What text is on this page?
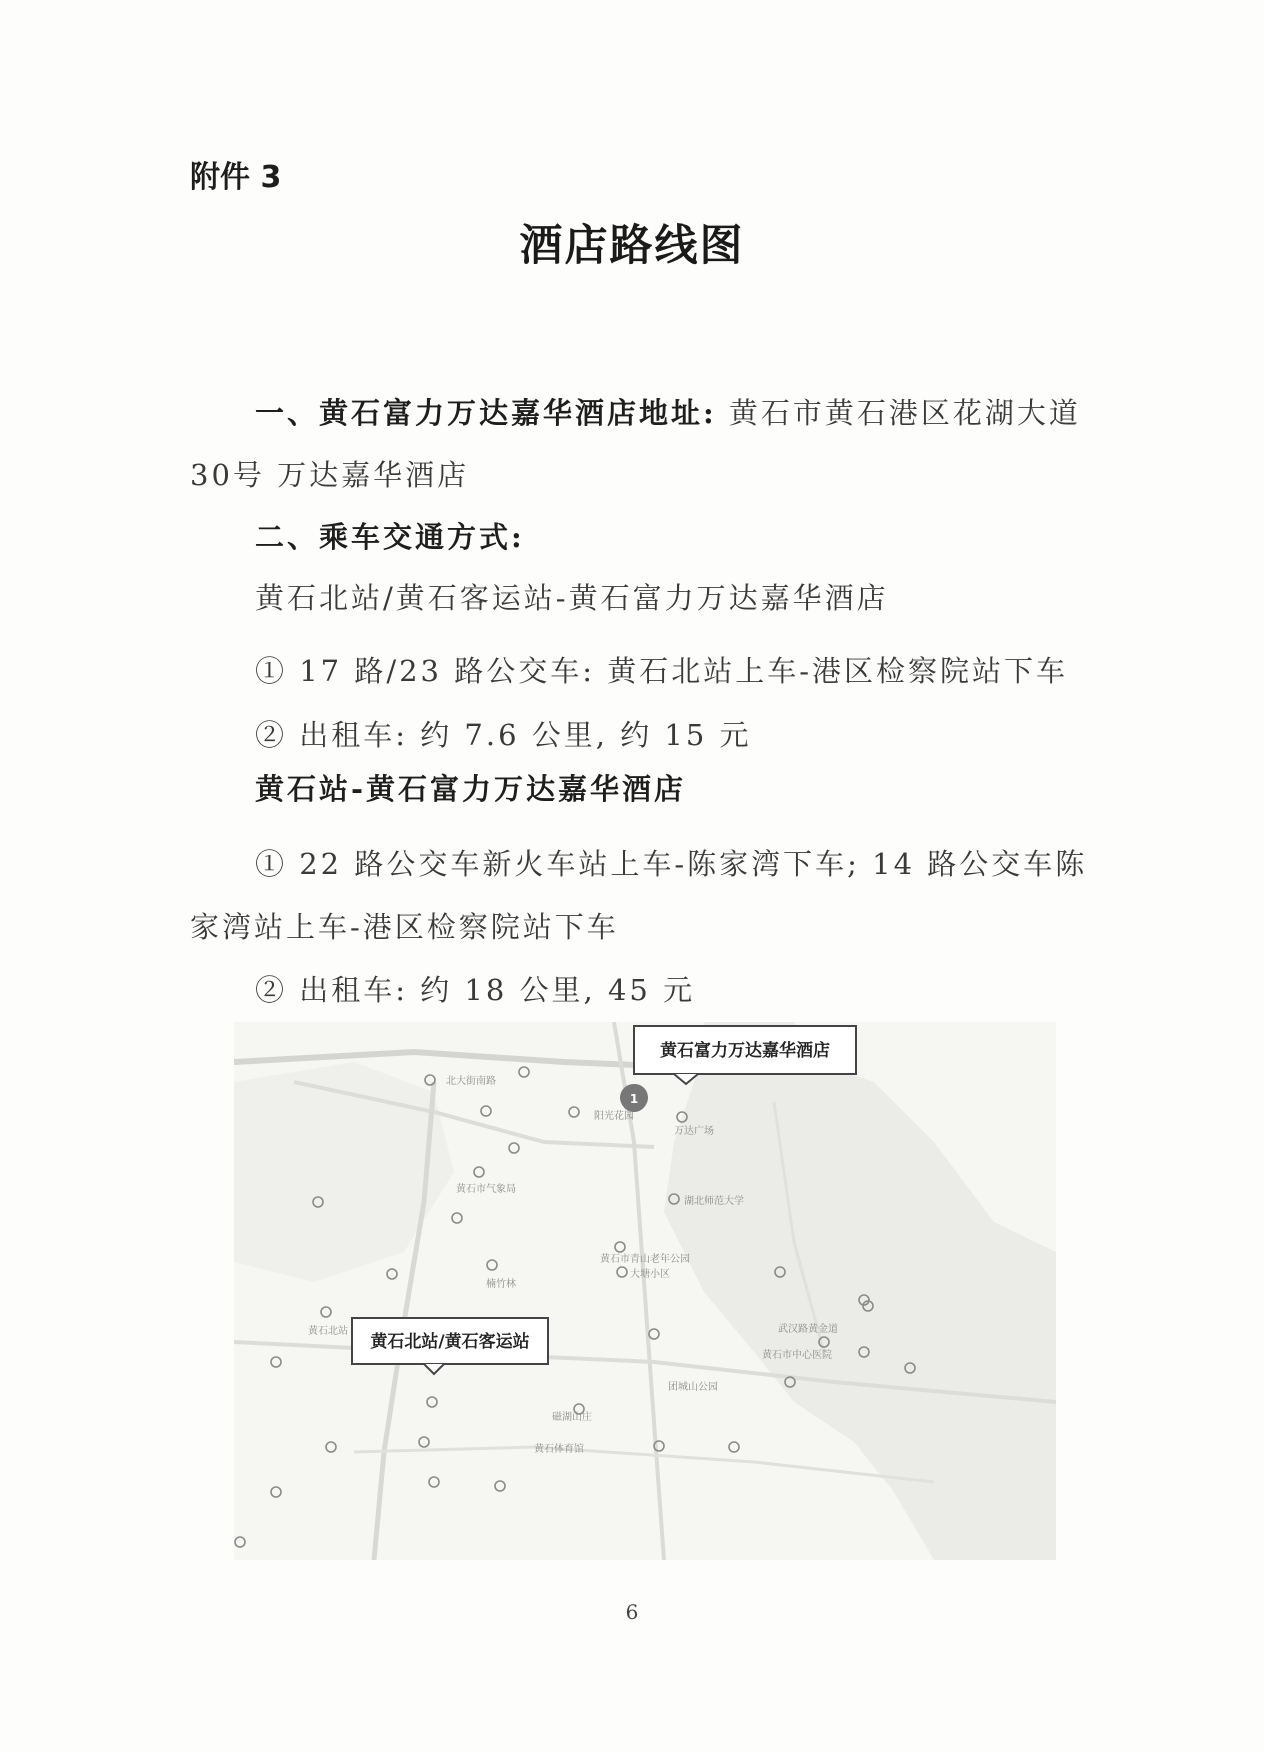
附件 3
酒店路线图
一、黄石富力万达嘉华酒店地址: 黄石市黄石港区花湖大道
30号 万达嘉华酒店
二、乘车交通方式:
黄石北站/黄石客运站-黄石富力万达嘉华酒店
① 17 路/23 路公交车: 黄石北站上车-港区检察院站下车
② 出租车: 约 7.6 公里, 约 15 元
黄石站-黄石富力万达嘉华酒店
① 22 路公交车新火车站上车-陈家湾下车; 14 路公交车陈
家湾站上车-港区检察院站下车
② 出租车: 约 18 公里, 45 元
北大街南路
万达广场
阳光花园
黄石市气象局
湖北师范大学
黄石市青山老年公园
大塘小区
黄石北站
楠竹林
黄石市中心医院
团城山公园
磁湖山庄
武汉路黄金道
黄石体育馆
1
黄石富力万达嘉华酒店
黄石北站/黄石客运站
6
